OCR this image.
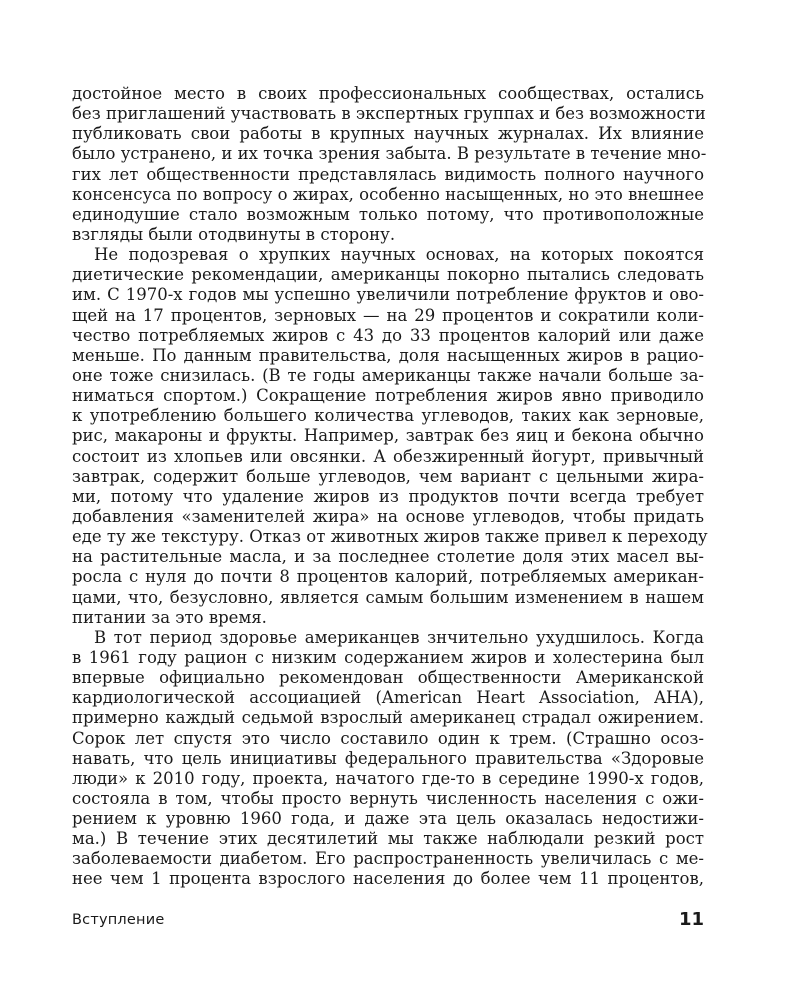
достойное место в своих профессиональных сообществах, остались
без приглашений участвовать в экспертных группах и без возможности
публиковать свои работы в крупных научных журналах. Их влияние
было устранено, и их точка зрения забыта. В результате в течение мно-
гих лет общественности представлялась видимость полного научного
консенсуса по вопросу о жирах, особенно насыщенных, но это внешнее
единодушие стало возможным только потому, что противоположные
взгляды были отодвинуты в сторону.
Не подозревая о хрупких научных основах, на которых покоятся
диетические рекомендации, американцы покорно пытались следовать
им. С 1970-х годов мы успешно увеличили потребление фруктов и ово-
щей на 17 процентов, зерновых — на 29 процентов и сократили коли-
чество потребляемых жиров с 43 до 33 процентов калорий или даже
меньше. По данным правительства, доля насыщенных жиров в рацио-
оне тоже снизилась. (В те годы американцы также начали больше за-
ниматься спортом.) Сокращение потребления жиров явно приводило
к употреблению большего количества углеводов, таких как зерновые,
рис, макароны и фрукты. Например, завтрак без яиц и бекона обычно
состоит из хлопьев или овсянки. А обезжиренный йогурт, привычный
завтрак, содержит больше углеводов, чем вариант с цельными жира-
ми, потому что удаление жиров из продуктов почти всегда требует
добавления «заменителей жира» на основе углеводов, чтобы придать
еде ту же текстуру. Отказ от животных жиров также привел к переходу
на растительные масла, и за последнее столетие доля этих масел вы-
росла с нуля до почти 8 процентов калорий, потребляемых американ-
цами, что, безусловно, является самым большим изменением в нашем
питании за это время.
В тот период здоровье американцев знчительно ухудшилось. Когда
в 1961 году рацион с низким содержанием жиров и холестерина был
впервые официально рекомендован общественности Американской
кардиологической ассоциацией (American Heart Association, AHA),
примерно каждый седьмой взрослый американец страдал ожирением.
Сорок лет спустя это число составило один к трем. (Страшно осоз-
навать, что цель инициативы федерального правительства «Здоровые
люди» к 2010 году, проекта, начатого где-то в середине 1990-х годов,
состояла в том, чтобы просто вернуть численность населения с ожи-
рением к уровню 1960 года, и даже эта цель оказалась недостижи-
ма.) В течение этих десятилетий мы также наблюдали резкий рост
заболеваемости диабетом. Его распространенность увеличилась с ме-
нее чем 1 процента взрослого населения до более чем 11 процентов,
Вступление	11
